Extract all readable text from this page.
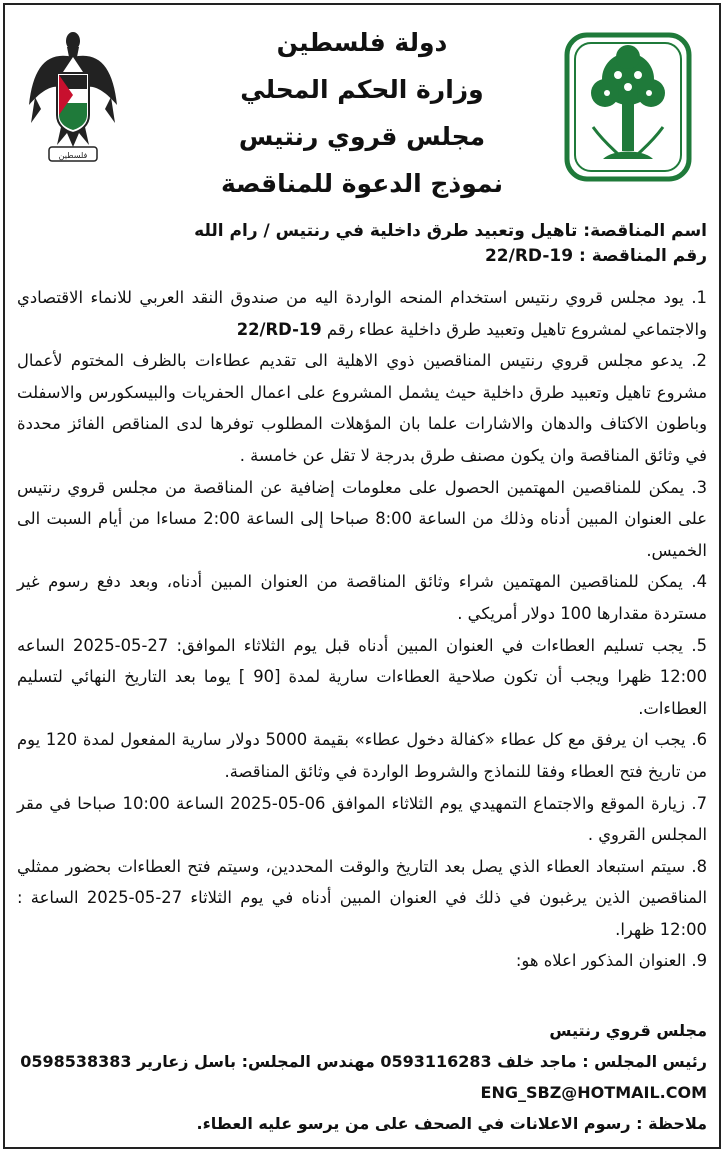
فلسطين
دولة فلسطين
وزارة الحكم المحلي
مجلس قروي رنتيس
نموذج الدعوة للمناقصة
اسم المناقصة: تاهيل وتعبيد طرق داخلية في رنتيس / رام الله
رقم المناقصة : 22/RD-19

1. يود مجلس قروي رنتيس استخدام المنحه الواردة اليه من صندوق النقد العربي للانماء الاقتصادي والاجتماعي لمشروع تاهيل وتعبيد طرق داخلية عطاء رقم 22/RD-19

2. يدعو مجلس قروي رنتيس المناقصين ذوي الاهلية الى تقديم عطاءات بالظرف المختوم لأعمال مشروع تاهيل وتعبيد طرق داخلية حيث يشمل المشروع على اعمال الحفريات والبيسكورس والاسفلت وباطون الاكتاف والدهان والاشارات علما بان المؤهلات المطلوب توفرها لدى المناقص الفائز محددة في وثائق المناقصة وان يكون مصنف طرق بدرجة لا تقل عن خامسة .

3. يمكن للمناقصين المهتمين الحصول على معلومات إضافية عن المناقصة من مجلس قروي رنتيس على العنوان المبين أدناه وذلك من الساعة 8:00 صباحا إلى الساعة 2:00 مساءا من أيام السبت الى الخميس.

4. يمكن للمناقصين المهتمين شراء وثائق المناقصة من العنوان المبين أدناه، وبعد دفع رسوم غير مستردة مقدارها 100 دولار أمريكي .

5. يجب تسليم العطاءات في العنوان المبين أدناه قبل يوم الثلاثاء الموافق: 27-05-2025 الساعه 12:00 ظهرا ويجب أن تكون صلاحية العطاءات سارية لمدة [90 ] يوما بعد التاريخ النهائي لتسليم العطاءات.

6. يجب ان يرفق مع كل عطاء «كفالة دخول عطاء» بقيمة 5000 دولار سارية المفعول لمدة 120 يوم من تاريخ فتح العطاء وفقا للنماذج والشروط الواردة في وثائق المناقصة.

7. زيارة الموقع والاجتماع التمهيدي يوم الثلاثاء الموافق 06-05-2025 الساعة 10:00 صباحا في مقر المجلس القروي .

8. سيتم استبعاد العطاء الذي يصل بعد التاريخ والوقت المحددين، وسيتم فتح العطاءات بحضور ممثلي المناقصين الذين يرغبون في ذلك في العنوان المبين أدناه في يوم الثلاثاء 27-05-2025 الساعة : 12:00 ظهرا.

9. العنوان المذكور اعلاه هو:

مجلس قروي رنتيس
رئيس المجلس : ماجد خلف 0593116283 مهندس المجلس: باسل زعارير 0598538383
ENG_SBZ@HOTMAIL.COM
ملاحظة : رسوم الاعلانات في الصحف على من يرسو عليه العطاء.
